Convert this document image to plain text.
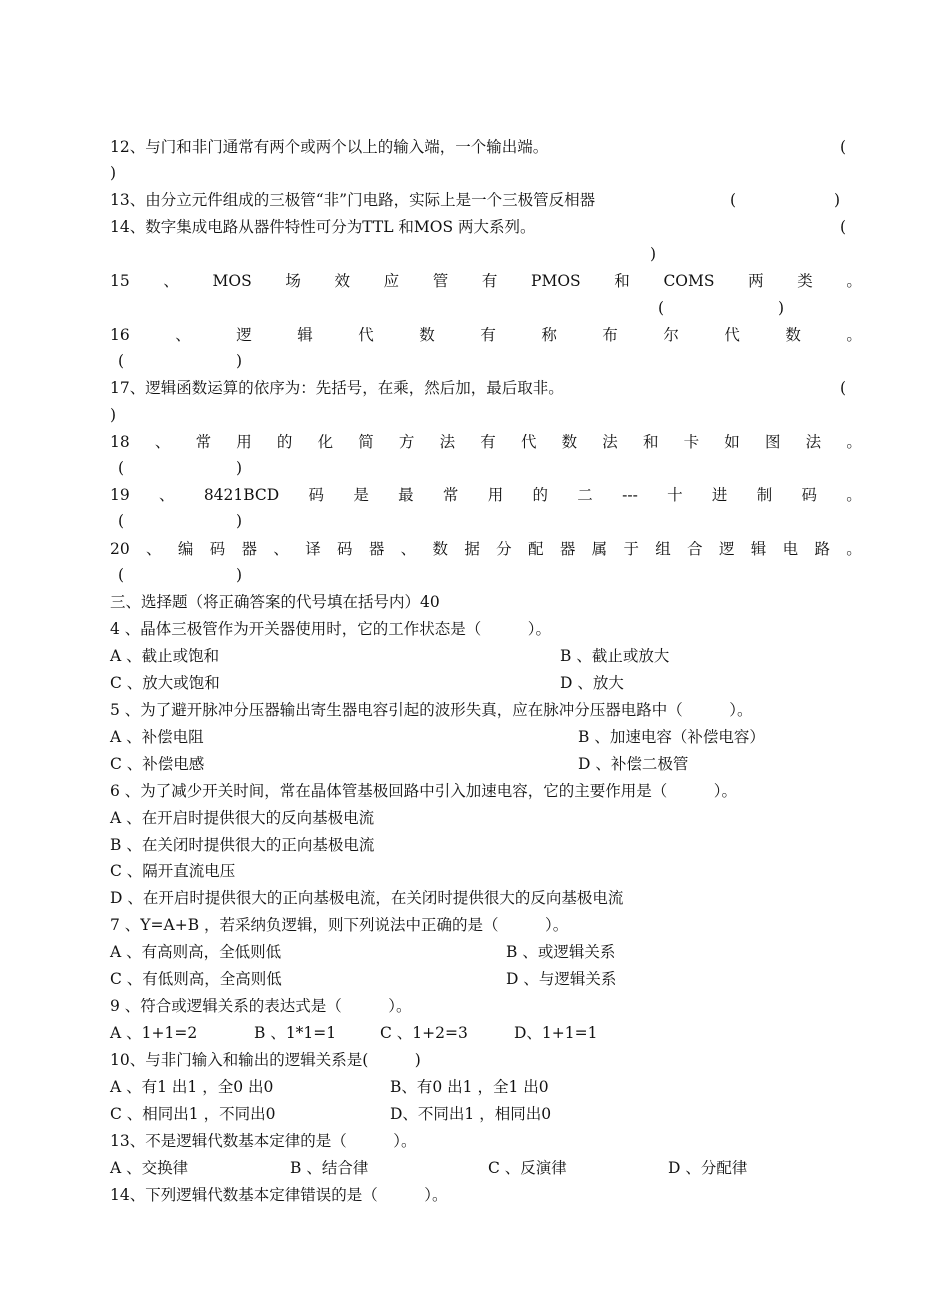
12、与门和非门通常有两个或两个以上的输入端，一个输出端。	(
)
13、由分立元件组成的三极管“非”门电路，实际上是一个三极管反相器	(	)
14、数字集成电路从器件特性可分为TTL 和MOS 两大系列。	(
)
15 、 MOS 场 效 应 管 有 PMOS 和 COMS 两 类 。
(	)
16	、	逻	辑	代	数	有	称	布	尔	代	数	。
(	)
17、逻辑函数运算的依序为：先括号，在乘，然后加，最后取非。	(
)
18 、 常 用 的 化 简 方 法 有 代 数 法 和 卡 如 图 法 。
(	)
19 、 8421BCD 码 是 最 常 用 的 二 --- 十 进 制 码 。
(	)
20 、 编 码 器 、 译 码 器 、 数 据 分 配 器 属 于 组 合 逻 辑 电 路 。
(	)
三、选择题（将正确答案的代号填在括号内）40
4 、晶体三极管作为开关器使用时，它的工作状态是（　　　）。
A 、截止或饱和	B 、截止或放大
C 、放大或饱和	D 、放大
5 、为了避开脉冲分压器输出寄生器电容引起的波形失真，应在脉冲分压器电路中（　　　）。
A 、补偿电阻	B 、加速电容（补偿电容）
C 、补偿电感	D 、补偿二极管
6 、为了减少开关时间，常在晶体管基极回路中引入加速电容，它的主要作用是（　　　）。
A 、在开启时提供很大的反向基极电流
B 、在关闭时提供很大的正向基极电流
C 、隔开直流电压
D 、在开启时提供很大的正向基极电流，在关闭时提供很大的反向基极电流
7 、Y=A+B ，若采纳负逻辑，则下列说法中正确的是（　　　）。
A 、有高则高，全低则低	B 、或逻辑关系
C 、有低则高，全高则低	D 、与逻辑关系
9 、符合或逻辑关系的表达式是（　　　）。
A 、1+1=2	B 、1*1=1	C 、1+2=3	D、1+1=1
10、与非门输入和输出的逻辑关系是(　　　)
A 、有1 出1 ，全0 出0	B、有0 出1 ，全1 出0
C 、相同出1 ，不同出0	D、不同出1 ，相同出0
13、不是逻辑代数基本定律的是（　　　）。
A 、交换律	B 、结合律	C 、反演律	D 、分配律
14、下列逻辑代数基本定律错误的是（　　　）。
